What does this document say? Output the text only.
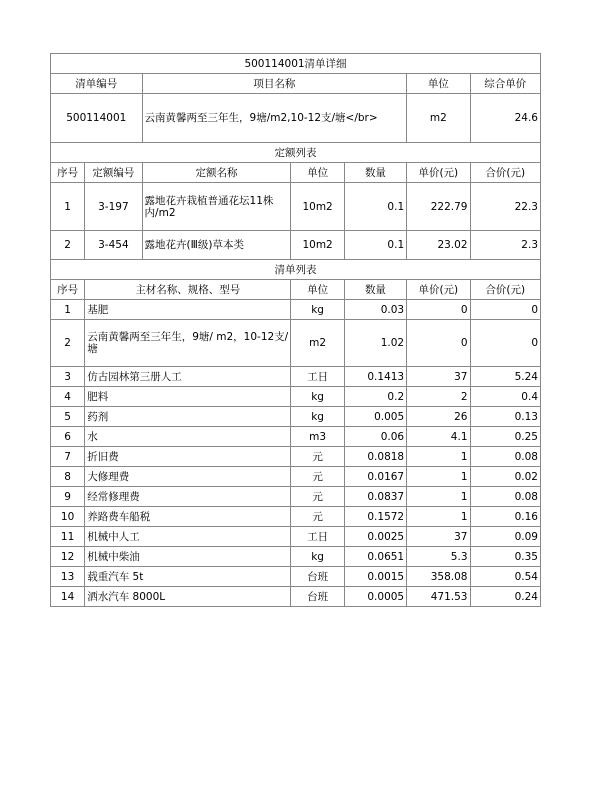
500114001清单详细						
清单编号		项目名称			单位	综合单价
500114001		云南黄馨两至三年生，9塘/m2,10-12支/塘</br>			m2	24.6
定额列表						
序号	定额编号	定额名称	单位	数量	单价(元)	合价(元)
1	3-197	露地花卉栽植普通花坛11株内/m2	10m2	0.1	222.79	22.3
2	3-454	露地花卉(Ⅲ级)草本类	10m2	0.1	23.02	2.3
清单列表						
序号	主材名称、规格、型号		单位	数量	单价(元)	合价(元)
1	基肥		kg	0.03	0	0
2	云南黄馨两至三年生，9塘/ m2，10-12支/塘		m2	1.02	0	0
3	仿古园林第三册人工		工日	0.1413	37	5.24
4	肥料		kg	0.2	2	0.4
5	药剂		kg	0.005	26	0.13
6	水		m3	0.06	4.1	0.25
7	折旧费		元	0.0818	1	0.08
8	大修理费		元	0.0167	1	0.02
9	经常修理费		元	0.0837	1	0.08
10	养路费车船税		元	0.1572	1	0.16
11	机械中人工		工日	0.0025	37	0.09
12	机械中柴油		kg	0.0651	5.3	0.35
13	载重汽车 5t		台班	0.0015	358.08	0.54
14	洒水汽车 8000L		台班	0.0005	471.53	0.24
